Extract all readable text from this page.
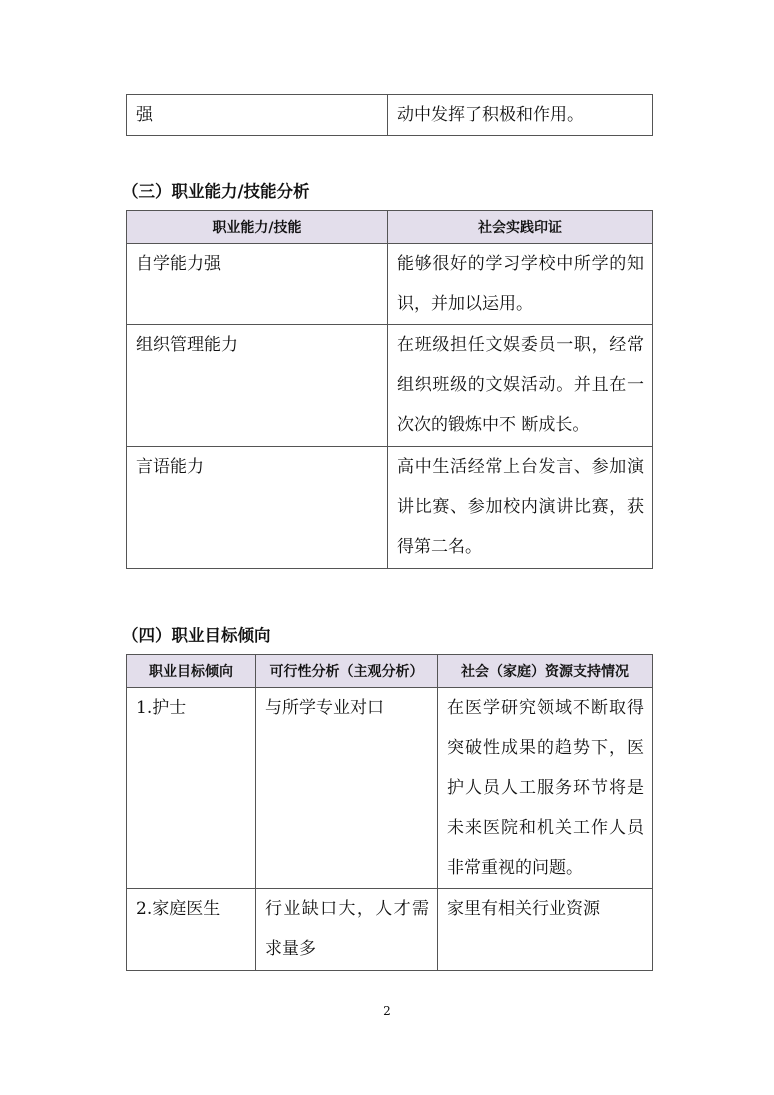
强	动中发挥了积极和作用。
（三）职业能力/技能分析
职业能力/技能	社会实践印证

自学能力强	能够很好的学习学校中所学的知识，并加以运用。

组织管理能力	在班级担任文娱委员一职，经常组织班级的文娱活动。并且在一次次的锻炼中不 断成长。

言语能力	高中生活经常上台发言、参加演讲比赛、参加校内演讲比赛，获得第二名。
（四）职业目标倾向
职业目标倾向	可行性分析（主观分析）	社会（家庭）资源支持情况

1.护士	与所学专业对口	在医学研究领域不断取得突破性成果的趋势下，医护人员人工服务环节将是未来医院和机关工作人员非常重视的问题。

2.家庭医生	行业缺口大，人才需求量多	家里有相关行业资源
2
